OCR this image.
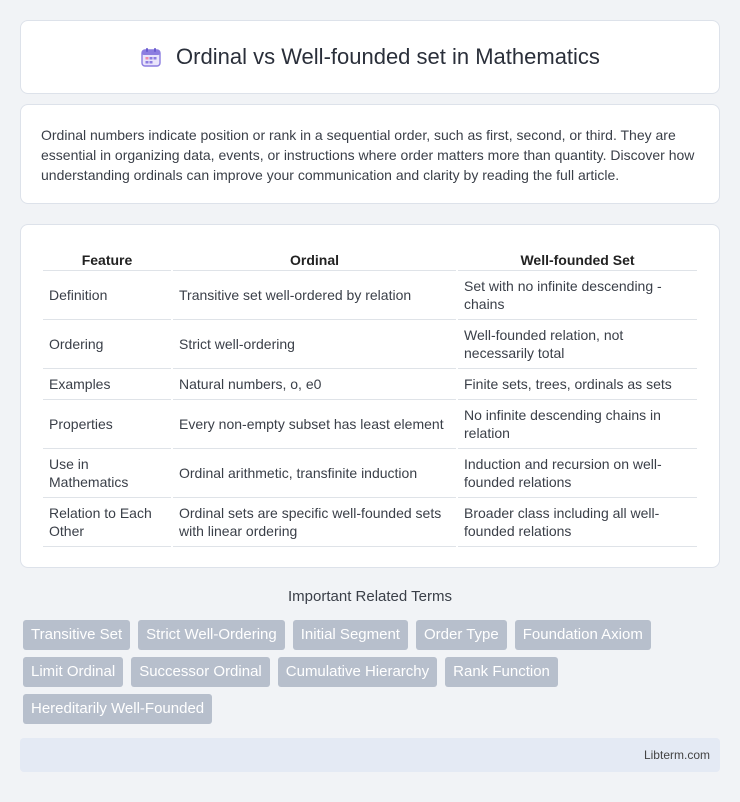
Ordinal vs Well-founded set in Mathematics

Ordinal numbers indicate position or rank in a sequential order, such as first, second, or third. They are essential in organizing data, events, or instructions where order matters more than quantity. Discover how understanding ordinals can improve your communication and clarity by reading the full article.

Feature	Ordinal	Well-founded Set
Definition	Transitive set well-ordered by relation	Set with no infinite descending -chains
Ordering	Strict well-ordering	Well-founded relation, not necessarily total
Examples	Natural numbers, o, e0	Finite sets, trees, ordinals as sets
Properties	Every non-empty subset has least element	No infinite descending chains in relation
Use in Mathematics	Ordinal arithmetic, transfinite induction	Induction and recursion on well-founded relations
Relation to Each Other	Ordinal sets are specific well-founded sets with linear ordering	Broader class including all well-founded relations
Important Related Terms
Transitive Set	Strict Well-Ordering	Initial Segment	Order Type	Foundation Axiom
Limit Ordinal	Successor Ordinal	Cumulative Hierarchy	Rank Function
Hereditarily Well-Founded
Libterm.com
